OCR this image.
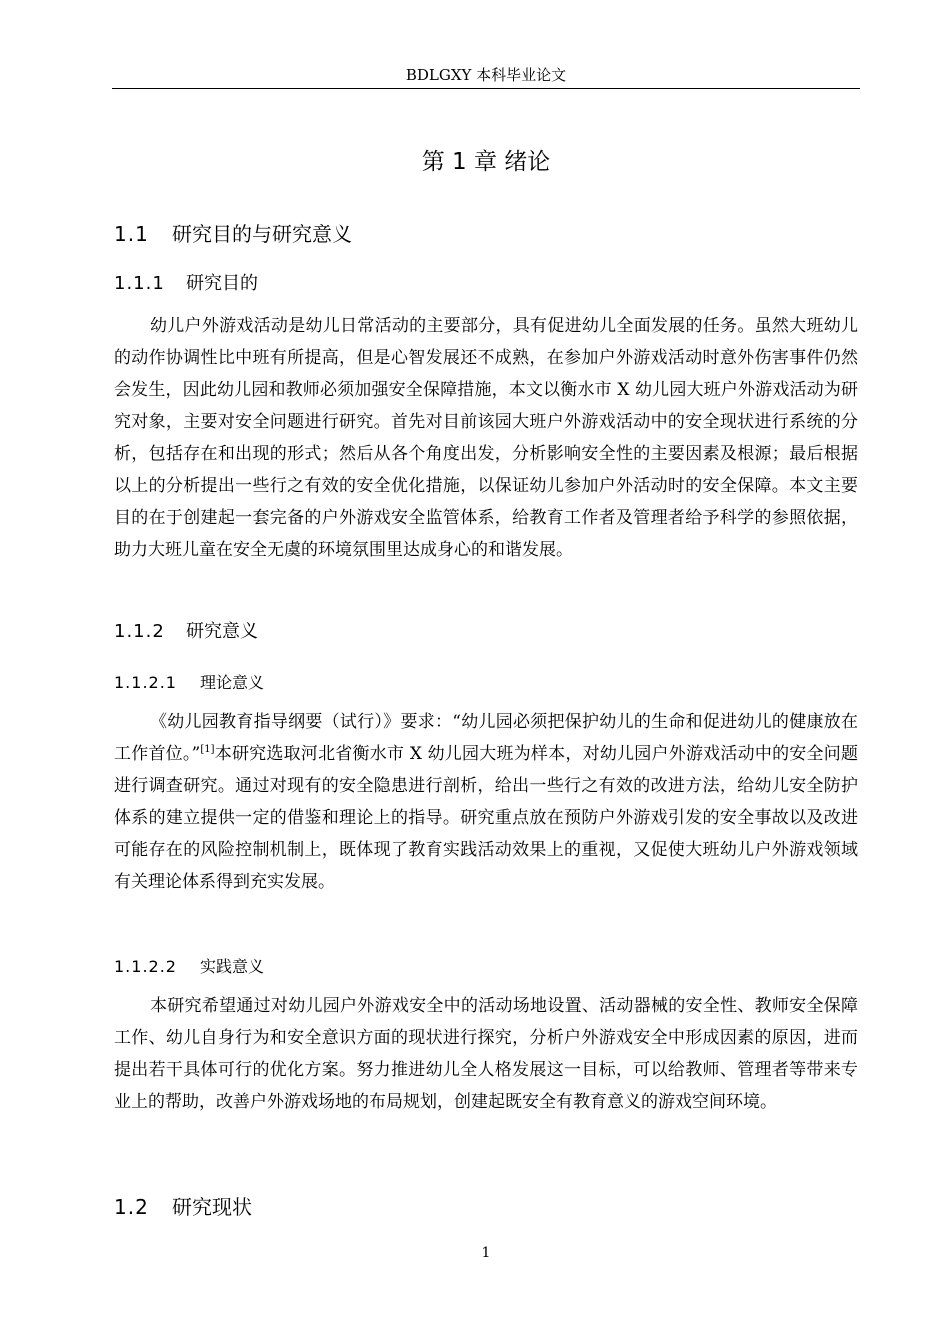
BDLGXY 本科毕业论文
第 1 章 绪论
1.1 研究目的与研究意义
1.1.1 研究目的

幼儿户外游戏活动是幼儿日常活动的主要部分，具有促进幼儿全面发展的任务。虽然大班幼儿的动作协调性比中班有所提高，但是心智发展还不成熟，在参加户外游戏活动时意外伤害事件仍然会发生，因此幼儿园和教师必须加强安全保障措施，本文以衡水市 X 幼儿园大班户外游戏活动为研究对象，主要对安全问题进行研究。首先对目前该园大班户外游戏活动中的安全现状进行系统的分析，包括存在和出现的形式；然后从各个角度出发，分析影响安全性的主要因素及根源；最后根据以上的分析提出一些行之有效的安全优化措施，以保证幼儿参加户外活动时的安全保障。本文主要目的在于创建起一套完备的户外游戏安全监管体系，给教育工作者及管理者给予科学的参照依据，助力大班儿童在安全无虞的环境氛围里达成身心的和谐发展。

1.1.2 研究意义
1.1.2.1 理论意义

《幼儿园教育指导纲要（试行）》要求：“幼儿园必须把保护幼儿的生命和促进幼儿的健康放在工作首位。”[1]本研究选取河北省衡水市 X 幼儿园大班为样本，对幼儿园户外游戏活动中的安全问题进行调查研究。通过对现有的安全隐患进行剖析，给出一些行之有效的改进方法，给幼儿安全防护体系的建立提供一定的借鉴和理论上的指导。研究重点放在预防户外游戏引发的安全事故以及改进可能存在的风险控制机制上，既体现了教育实践活动效果上的重视，又促使大班幼儿户外游戏领域有关理论体系得到充实发展。

1.1.2.2 实践意义

本研究希望通过对幼儿园户外游戏安全中的活动场地设置、活动器械的安全性、教师安全保障工作、幼儿自身行为和安全意识方面的现状进行探究，分析户外游戏安全中形成因素的原因，进而提出若干具体可行的优化方案。努力推进幼儿全人格发展这一目标，可以给教师、管理者等带来专业上的帮助，改善户外游戏场地的布局规划，创建起既安全有教育意义的游戏空间环境。

1.2 研究现状
1
